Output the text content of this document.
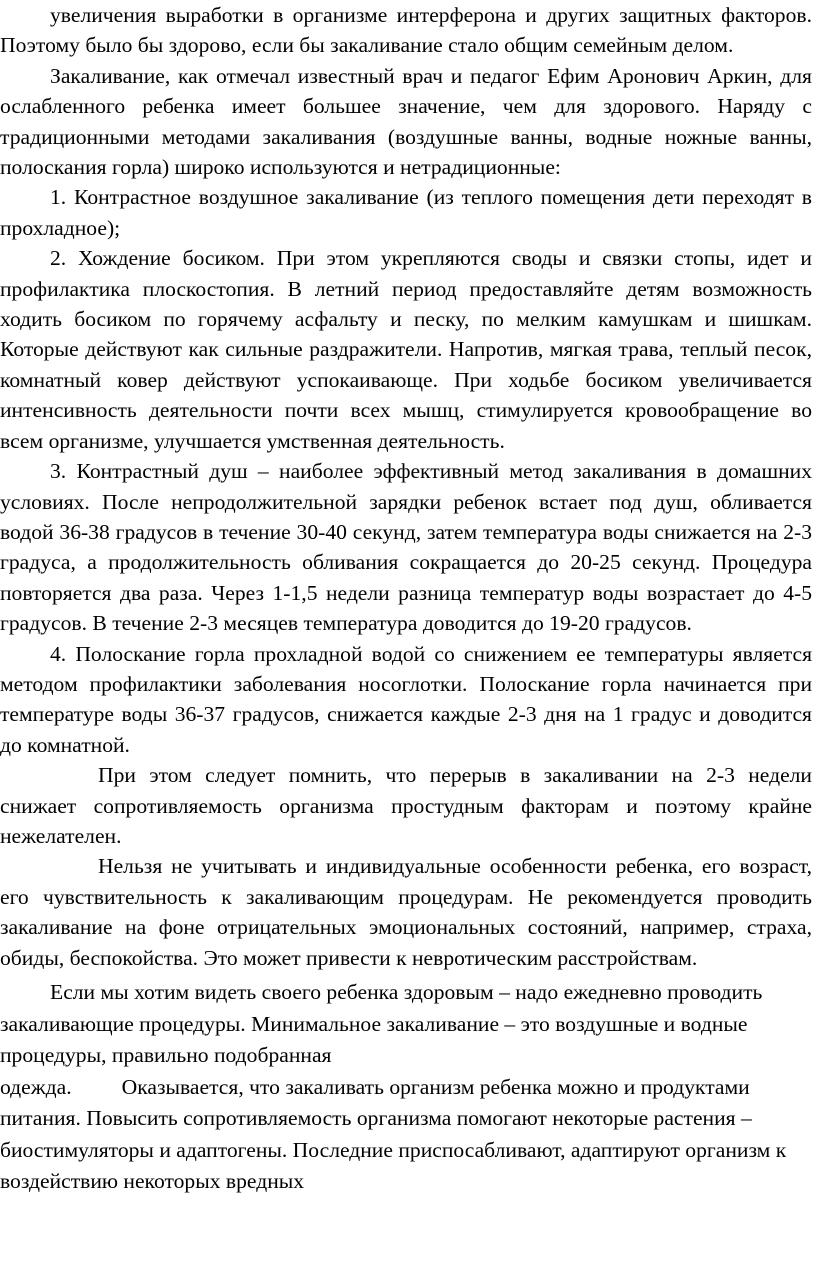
увеличения выработки в организме интерферона и других защитных факторов. Поэтому было бы здорово, если бы закаливание стало общим семейным делом.

Закаливание, как отмечал известный врач и педагог Ефим Аронович Аркин, для ослабленного ребенка имеет большее значение, чем для здорового. Наряду с традиционными методами закаливания (воздушные ванны, водные ножные ванны, полоскания горла) широко используются и нетрадиционные:

1. Контрастное воздушное закаливание (из теплого помещения дети переходят в прохладное);

2. Хождение босиком. При этом укрепляются своды и связки стопы, идет и профилактика плоскостопия. В летний период предоставляйте детям возможность ходить босиком по горячему асфальту и песку, по мелким камушкам и шишкам. Которые действуют как сильные раздражители. Напротив, мягкая трава, теплый песок, комнатный ковер действуют успокаивающе. При ходьбе босиком увеличивается интенсивность деятельности почти всех мышц, стимулируется кровообращение во всем организме, улучшается умственная деятельность.

3. Контрастный душ – наиболее эффективный метод закаливания в домашних условиях. После непродолжительной зарядки ребенок встает под душ, обливается водой 36-38 градусов в течение 30-40 секунд, затем температура воды снижается на 2-3 градуса, а продолжительность обливания сокращается до 20-25 секунд. Процедура повторяется два раза. Через 1-1,5 недели разница температур воды возрастает до 4-5 градусов. В течение 2-3 месяцев температура доводится до 19-20 градусов.

4. Полоскание горла прохладной водой со снижением ее температуры является методом профилактики заболевания носоглотки. Полоскание горла начинается при температуре воды 36-37 градусов, снижается каждые 2-3 дня на 1 градус и доводится до комнатной.

При этом следует помнить, что перерыв в закаливании на 2-3 недели снижает сопротивляемость организма простудным факторам и поэтому крайне нежелателен.

Нельзя не учитывать и индивидуальные особенности ребенка, его возраст, его чувствительность к закаливающим процедурам. Не рекомендуется проводить закаливание на фоне отрицательных эмоциональных состояний, например, страха, обиды, беспокойства. Это может привести к невротическим расстройствам.

Если мы хотим видеть своего ребенка здоровым – надо ежедневно проводить закаливающие процедуры. Минимальное закаливание – это воздушные и водные процедуры, правильно подобранная

одежда. Оказывается, что закаливать организм ребенка можно и продуктами питания. Повысить сопротивляемость организма помогают некоторые растения – биостимуляторы и адаптогены. Последние приспосабливают, адаптируют организм к воздействию некоторых вредных
